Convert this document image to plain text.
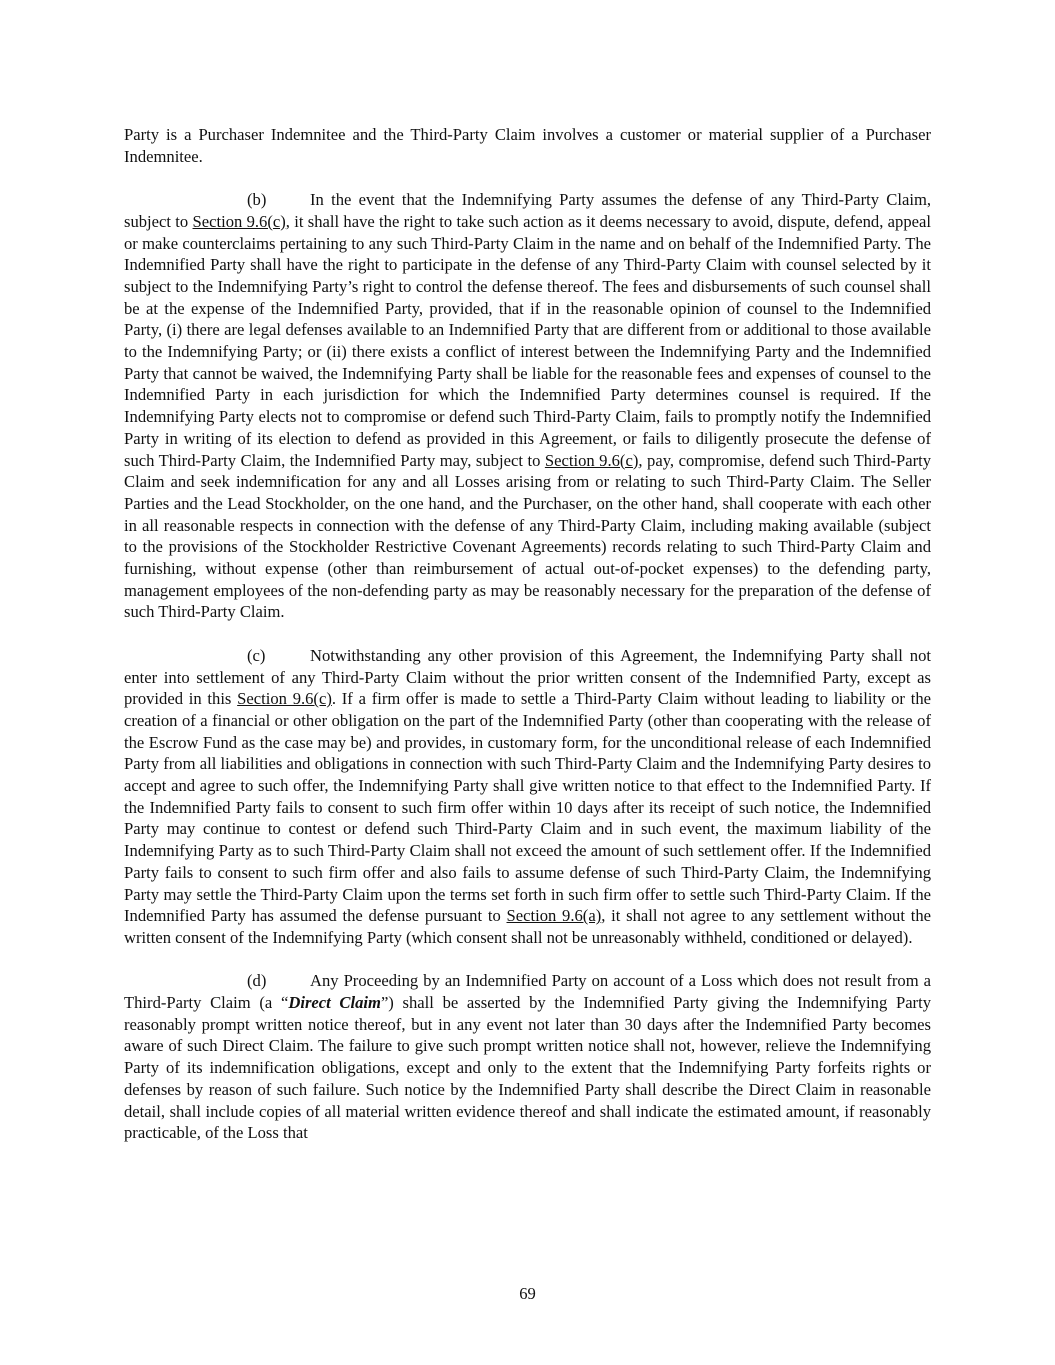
Party is a Purchaser Indemnitee and the Third-Party Claim involves a customer or material supplier of a Purchaser Indemnitee.

(b)	In the event that the Indemnifying Party assumes the defense of any Third-Party Claim, subject to Section 9.6(c), it shall have the right to take such action as it deems necessary to avoid, dispute, defend, appeal or make counterclaims pertaining to any such Third-Party Claim in the name and on behalf of the Indemnified Party. The Indemnified Party shall have the right to participate in the defense of any Third-Party Claim with counsel selected by it subject to the Indemnifying Party’s right to control the defense thereof. The fees and disbursements of such counsel shall be at the expense of the Indemnified Party, provided, that if in the reasonable opinion of counsel to the Indemnified Party, (i) there are legal defenses available to an Indemnified Party that are different from or additional to those available to the Indemnifying Party; or (ii) there exists a conflict of interest between the Indemnifying Party and the Indemnified Party that cannot be waived, the Indemnifying Party shall be liable for the reasonable fees and expenses of counsel to the Indemnified Party in each jurisdiction for which the Indemnified Party determines counsel is required. If the Indemnifying Party elects not to compromise or defend such Third-Party Claim, fails to promptly notify the Indemnified Party in writing of its election to defend as provided in this Agreement, or fails to diligently prosecute the defense of such Third-Party Claim, the Indemnified Party may, subject to Section 9.6(c), pay, compromise, defend such Third-Party Claim and seek indemnification for any and all Losses arising from or relating to such Third-Party Claim. The Seller Parties and the Lead Stockholder, on the one hand, and the Purchaser, on the other hand, shall cooperate with each other in all reasonable respects in connection with the defense of any Third-Party Claim, including making available (subject to the provisions of the Stockholder Restrictive Covenant Agreements) records relating to such Third-Party Claim and furnishing, without expense (other than reimbursement of actual out-of-pocket expenses) to the defending party, management employees of the non-defending party as may be reasonably necessary for the preparation of the defense of such Third-Party Claim.

(c)	Notwithstanding any other provision of this Agreement, the Indemnifying Party shall not enter into settlement of any Third-Party Claim without the prior written consent of the Indemnified Party, except as provided in this Section 9.6(c). If a firm offer is made to settle a Third-Party Claim without leading to liability or the creation of a financial or other obligation on the part of the Indemnified Party (other than cooperating with the release of the Escrow Fund as the case may be) and provides, in customary form, for the unconditional release of each Indemnified Party from all liabilities and obligations in connection with such Third-Party Claim and the Indemnifying Party desires to accept and agree to such offer, the Indemnifying Party shall give written notice to that effect to the Indemnified Party. If the Indemnified Party fails to consent to such firm offer within 10 days after its receipt of such notice, the Indemnified Party may continue to contest or defend such Third-Party Claim and in such event, the maximum liability of the Indemnifying Party as to such Third-Party Claim shall not exceed the amount of such settlement offer. If the Indemnified Party fails to consent to such firm offer and also fails to assume defense of such Third-Party Claim, the Indemnifying Party may settle the Third-Party Claim upon the terms set forth in such firm offer to settle such Third-Party Claim. If the Indemnified Party has assumed the defense pursuant to Section 9.6(a), it shall not agree to any settlement without the written consent of the Indemnifying Party (which consent shall not be unreasonably withheld, conditioned or delayed).

(d)	Any Proceeding by an Indemnified Party on account of a Loss which does not result from a Third-Party Claim (a “Direct Claim”) shall be asserted by the Indemnified Party giving the Indemnifying Party reasonably prompt written notice thereof, but in any event not later than 30 days after the Indemnified Party becomes aware of such Direct Claim. The failure to give such prompt written notice shall not, however, relieve the Indemnifying Party of its indemnification obligations, except and only to the extent that the Indemnifying Party forfeits rights or defenses by reason of such failure. Such notice by the Indemnified Party shall describe the Direct Claim in reasonable detail, shall include copies of all material written evidence thereof and shall indicate the estimated amount, if reasonably practicable, of the Loss that

69
